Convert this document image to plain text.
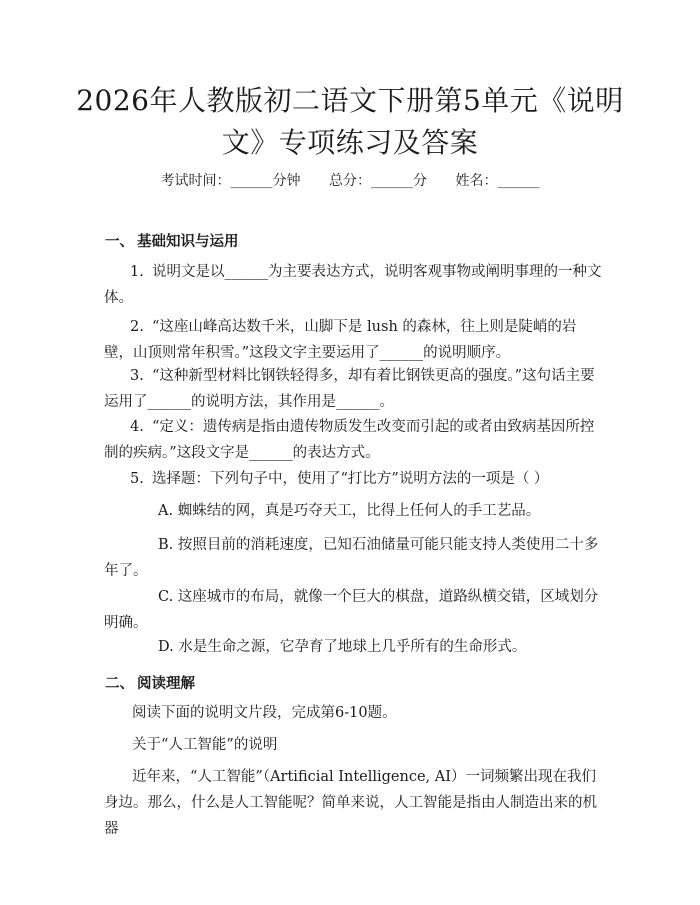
2026年人教版初二语文下册第5单元《说明文》专项练习及答案
考试时间：______分钟 总分：______分 姓名：______
一、 基础知识与运用

1. 说明文是以______为主要表达方式，说明客观事物或阐明事理的一种文体。

2. “这座山峰高达数千米，山脚下是 lush 的森林，往上则是陡峭的岩壁，山顶则常年积雪。”这段文字主要运用了______的说明顺序。

3. “这种新型材料比钢铁轻得多，却有着比钢铁更高的强度。”这句话主要运用了______的说明方法，其作用是______。

4. “定义：遗传病是指由遗传物质发生改变而引起的或者由致病基因所控制的疾病。”这段文字是______的表达方式。

5. 选择题：下列句子中，使用了“打比方”说明方法的一项是（ ）

A. 蜘蛛结的网，真是巧夺天工，比得上任何人的手工艺品。

B. 按照目前的消耗速度，已知石油储量可能只能支持人类使用二十多年了。

C. 这座城市的布局，就像一个巨大的棋盘，道路纵横交错，区域划分明确。

D. 水是生命之源，它孕育了地球上几乎所有的生命形式。

二、 阅读理解

阅读下面的说明文片段，完成第6-10题。

关于“人工智能”的说明

近年来，“人工智能”（Artificial Intelligence, AI）一词频繁出现在我们身边。那么，什么是人工智能呢？简单来说，人工智能是指由人制造出来的机器
